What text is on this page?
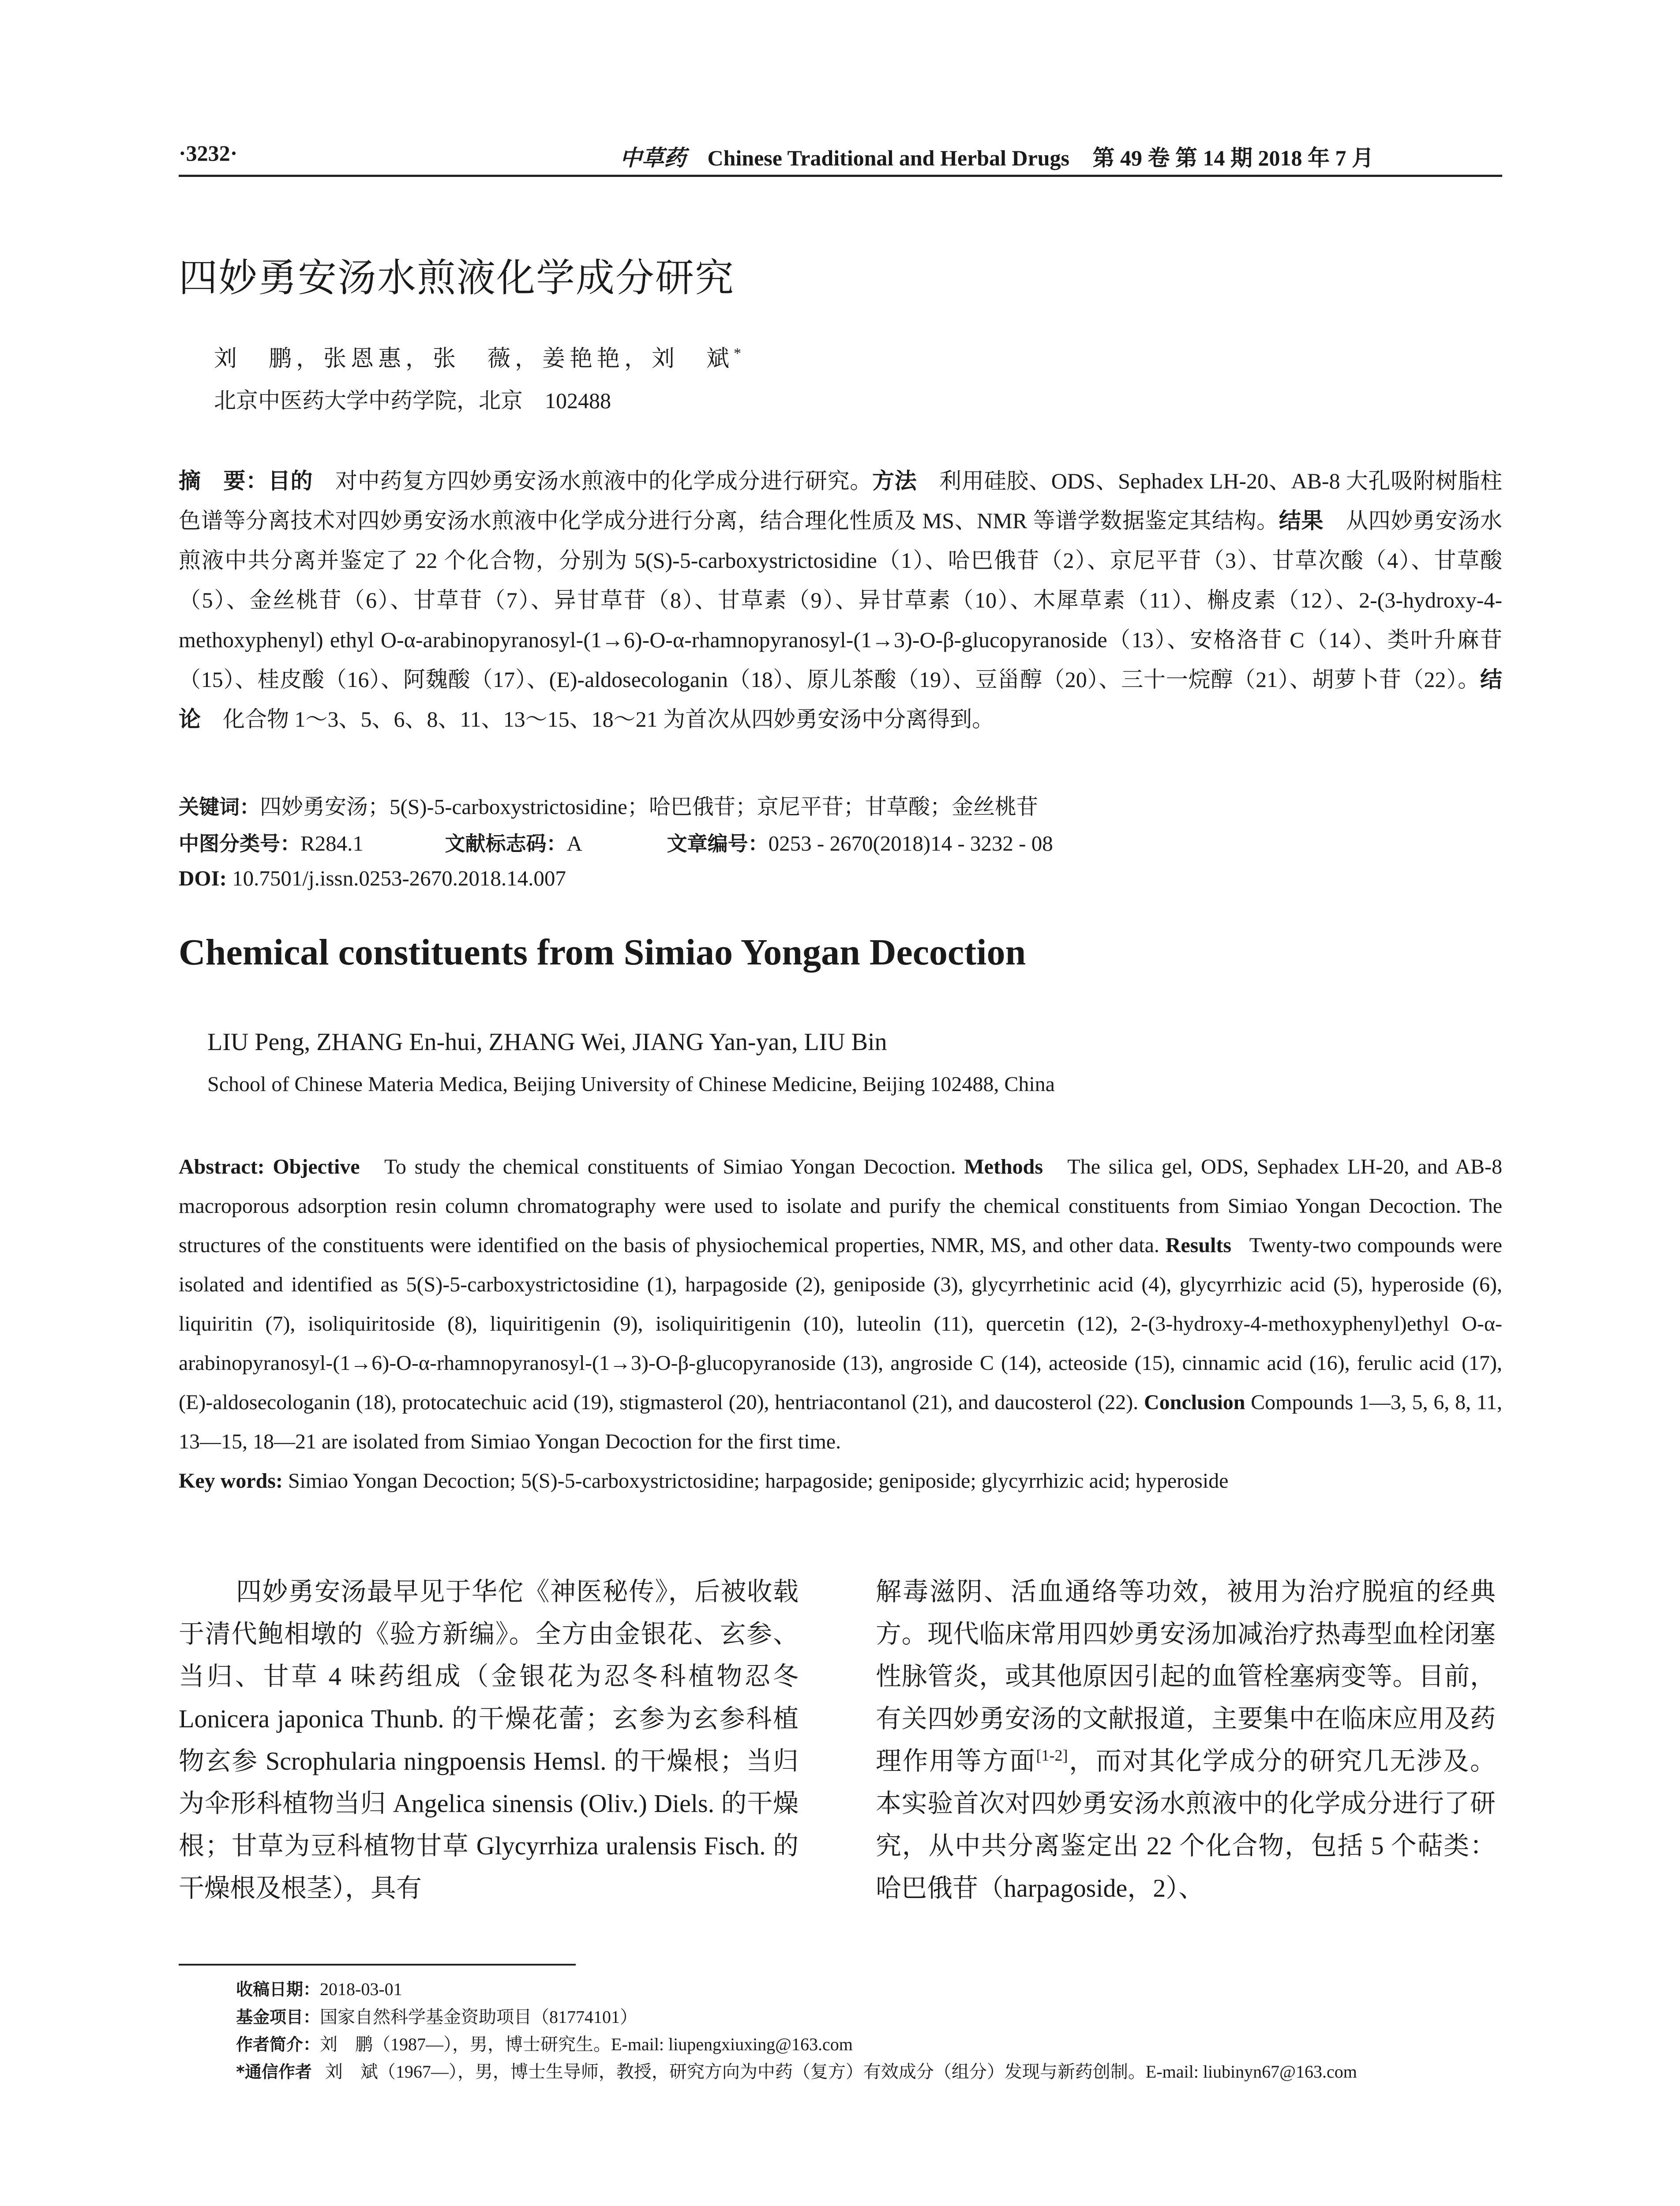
·3232·	中草药 Chinese Traditional and Herbal Drugs 第 49 卷 第 14 期 2018 年 7 月
四妙勇安汤水煎液化学成分研究
刘　鹏，张恩惠，张　薇，姜艳艳，刘　斌*
北京中医药大学中药学院，北京　102488
摘　要：目的　 对中药复方四妙勇安汤水煎液中的化学成分进行研究。方法　 利用硅胶、ODS、Sephadex LH-20、AB-8 大孔吸附树脂柱色谱等分离技术对四妙勇安汤水煎液中化学成分进行分离，结合理化性质及 MS、NMR 等谱学数据鉴定其结构。结果　 从四妙勇安汤水煎液中共分离并鉴定了 22 个化合物，分别为 5(S)-5-carboxystrictosidine（1）、哈巴俄苷（2）、京尼平苷（3）、甘草次酸（4）、甘草酸（5）、金丝桃苷（6）、甘草苷（7）、异甘草苷（8）、甘草素（9）、异甘草素（10）、木犀草素（11）、槲皮素（12）、2-(3-hydroxy-4-methoxyphenyl) ethyl O-α-arabinopyranosyl-(1→6)-O-α-rhamnopyranosyl-(1→3)-O-β-glucopyranoside（13）、安格洛苷 C（14）、类叶升麻苷（15）、桂皮酸（16）、阿魏酸（17）、(E)-aldosecologanin（18）、原儿茶酸（19）、豆甾醇（20）、三十一烷醇（21）、胡萝卜苷（22）。结论　 化合物 1～3、5、6、8、11、13～15、18～21 为首次从四妙勇安汤中分离得到。
关键词：四妙勇安汤；5(S)-5-carboxystrictosidine；哈巴俄苷；京尼平苷；甘草酸；金丝桃苷
中图分类号：R284.1	文献标志码：A	文章编号：0253 - 2670(2018)14 - 3232 - 08
DOI: 10.7501/j.issn.0253-2670.2018.14.007
Chemical constituents from Simiao Yongan Decoction
LIU Peng, ZHANG En-hui, ZHANG Wei, JIANG Yan-yan, LIU Bin
School of Chinese Materia Medica, Beijing University of Chinese Medicine, Beijing 102488, China
Abstract: Objective To study the chemical constituents of Simiao Yongan Decoction. Methods The silica gel, ODS, Sephadex LH-20, and AB-8 macroporous adsorption resin column chromatography were used to isolate and purify the chemical constituents from Simiao Yongan Decoction. The structures of the constituents were identified on the basis of physiochemical properties, NMR, MS, and other data. Results Twenty-two compounds were isolated and identified as 5(S)-5-carboxystrictosidine (1), harpagoside (2), geniposide (3), glycyrrhetinic acid (4), glycyrrhizic acid (5), hyperoside (6), liquiritin (7), isoliquiritoside (8), liquiritigenin (9), isoliquiritigenin (10), luteolin (11), quercetin (12), 2-(3-hydroxy-4-methoxyphenyl)ethyl O-α-arabinopyranosyl-(1→6)-O-α-rhamnopyranosyl-(1→3)-O-β-glucopyranoside (13), angroside C (14), acteoside (15), cinnamic acid (16), ferulic acid (17), (E)-aldosecologanin (18), protocatechuic acid (19), stigmasterol (20), hentriacontanol (21), and daucosterol (22). Conclusion Compounds 1—3, 5, 6, 8, 11, 13—15, 18—21 are isolated from Simiao Yongan Decoction for the first time.
Key words: Simiao Yongan Decoction; 5(S)-5-carboxystrictosidine; harpagoside; geniposide; glycyrrhizic acid; hyperoside
四妙勇安汤最早见于华佗《神医秘传》，后被收载于清代鲍相墩的《验方新编》。全方由金银花、玄参、当归、甘草 4 味药组成（金银花为忍冬科植物忍冬 Lonicera japonica Thunb. 的干燥花蕾；玄参为玄参科植物玄参 Scrophularia ningpoensis Hemsl. 的干燥根；当归为伞形科植物当归 Angelica sinensis (Oliv.) Diels. 的干燥根；甘草为豆科植物甘草 Glycyrrhiza uralensis Fisch. 的干燥根及根茎），具有
解毒滋阴、活血通络等功效，被用为治疗脱疽的经典方。现代临床常用四妙勇安汤加减治疗热毒型血栓闭塞性脉管炎，或其他原因引起的血管栓塞病变等。目前，有关四妙勇安汤的文献报道，主要集中在临床应用及药理作用等方面[1-2]，而对其化学成分的研究几无涉及。本实验首次对四妙勇安汤水煎液中的化学成分进行了研究，从中共分离鉴定出 22 个化合物，包括 5 个萜类：哈巴俄苷（harpagoside，2）、
收稿日期：2018-03-01
基金项目：国家自然科学基金资助项目（81774101）
作者简介：刘　鹏（1987—），男，博士研究生。E-mail: liupengxiuxing@163.com
*通信作者 刘　斌（1967—），男，博士生导师，教授，研究方向为中药（复方）有效成分（组分）发现与新药创制。E-mail: liubinyn67@163.com
